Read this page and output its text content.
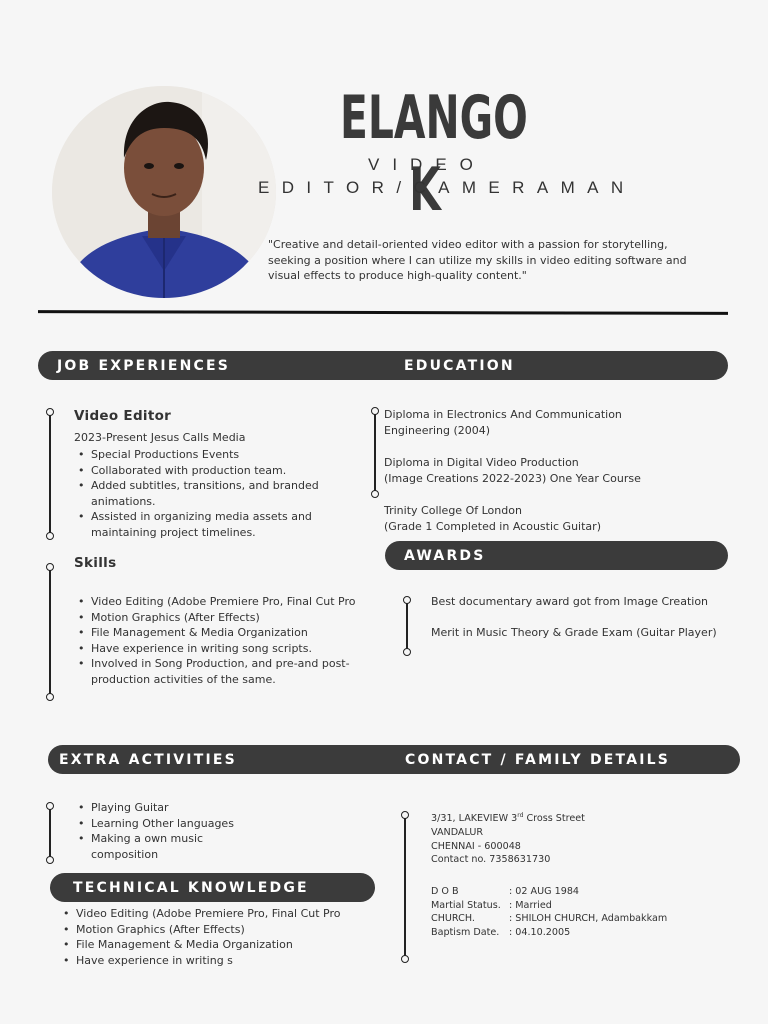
ELANGO K
VIDEO
EDITOR/CAMERAMAN
"Creative and detail-oriented video editor with a passion for storytelling, seeking a position where I can utilize my skills in video editing software and visual effects to produce high-quality content."
JOB EXPERIENCES	EDUCATION
Video Editor
2023-Present Jesus Calls Media
• Special Productions Events
• Collaborated with production team.
• Added subtitles, transitions, and branded animations.
• Assisted in organizing media assets and maintaining project timelines.
Skills
• Video Editing (Adobe Premiere Pro, Final Cut Pro
• Motion Graphics (After Effects)
• File Management & Media Organization
• Have experience in writing song scripts.
• Involved in Song Production, and pre-and post-production activities of the same.
Diploma in Electronics And Communication
Engineering (2004)
Diploma in Digital Video Production
(Image Creations 2022-2023) One Year Course
Trinity College Of London
(Grade 1 Completed in Acoustic Guitar)
AWARDS
Best documentary award got from Image Creation
Merit in Music Theory & Grade Exam (Guitar Player)
EXTRA ACTIVITIES	CONTACT / FAMILY DETAILS
• Playing Guitar
• Learning Other languages
• Making a own music composition
TECHNICAL KNOWLEDGE
• Video Editing (Adobe Premiere Pro, Final Cut Pro
• Motion Graphics (After Effects)
• File Management & Media Organization
• Have experience in writing s
3/31, LAKEVIEW 3rd Cross Street
VANDALUR
CHENNAI - 600048
Contact no. 7358631730
D O B	: 02 AUG 1984
Martial Status. : Married
CHURCH.	: SHILOH CHURCH, Adambakkam
Baptism Date.	: 04.10.2005
